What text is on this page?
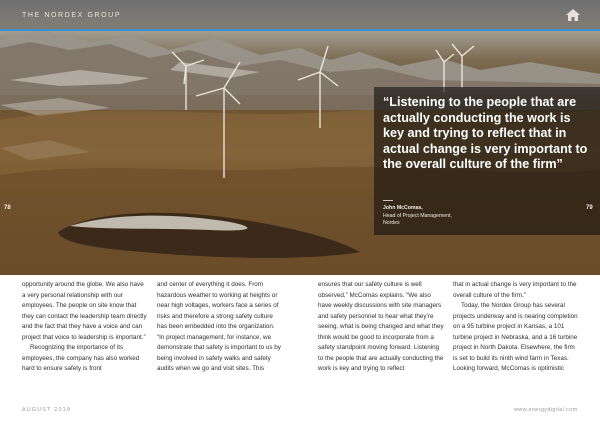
THE NORDEX GROUP

“Listening to the people that are actually conducting the work is key and trying to reflect that in actual change is very important to the overall culture of the firm”

John McComas,
Head of Project Management,
Nordex
78	79

opportunity around the globe. We also have a very personal relationship with our employees. The people on site know that they can contact the leadership team directly and the fact that they have a voice and can project that voice to leadership is important.”

Recognizing the importance of its employees, the company has also worked hard to ensure safety is front

and center of everything it does. From hazardous weather to working at heights or near high voltages, workers face a series of risks and therefore a strong safety culture has been embedded into the organization. “In project management, for instance, we demonstrate that safety is important to us by being involved in safety walks and safety audits when we go and visit sites. This

ensures that our safety culture is well observed,” McComas explains. “We also have weekly discussions with site managers and safety personnel to hear what they’re seeing, what is being changed and what they think would be good to incorporate from a safety standpoint moving forward. Listening to the people that are actually conducting the work is key and trying to reflect

that in actual change is very important to the overall culture of the firm.”

Today, the Nordex Group has several projects underway and is nearing completion on a 95 turbine project in Kansas, a 101 turbine project in Nebraska, and a 16 turbine project in North Dakota. Elsewhere, the firm is set to build its ninth wind farm in Texas. Looking forward, McComas is optimistic

AUGUST 2019	www.energydigital.com
